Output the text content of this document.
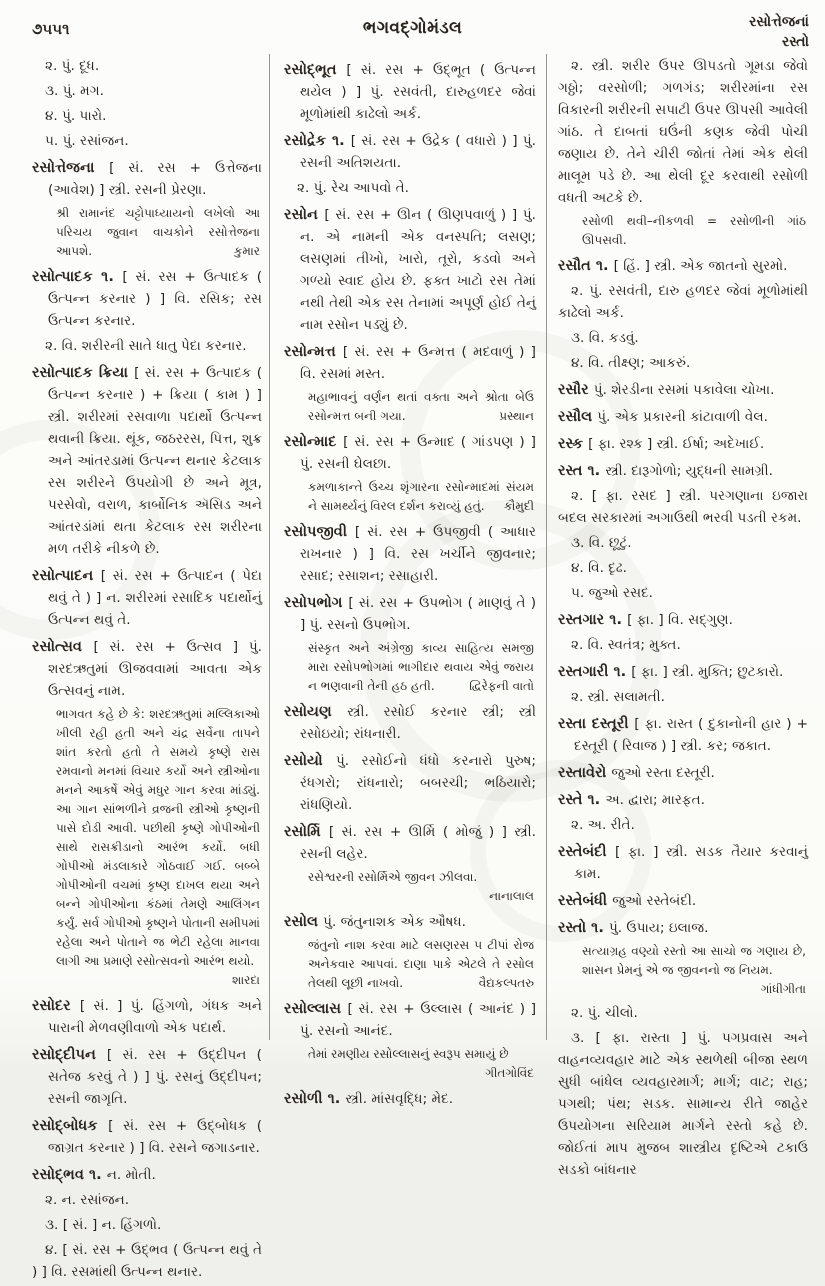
૭૫૫૧	ભગવદ્ગોમંડલ	રસોત્તેજનાં
રસ્તો

૨. પું. દૂધ.

૩. પું. મગ.

૪. પું. પારો.

૫. પું. રસાંજન.

રસોત્તેજના [ સં. રસ + ઉત્તેજના (આવેશ) ] સ્ત્રી. રસની પ્રેરણા.

શ્રી રામાનંદ ચટ્ટોપાધ્યાયનો લખેલો આ પરિચય જુવાન વાચકોને રસોત્તેજના આપશે.	કુમાર

રસોત્પાદક ૧. [ સં. રસ + ઉત્પાદક ( ઉત્પન્ન કરનાર ) ] વિ. રસિક; રસ ઉત્પન્ન કરનાર.

૨. વિ. શરીરની સાતે ધાતુ પેદા કરનાર.

રસોત્પાદક ક્રિયા [ સં. રસ + ઉત્પાદક ( ઉત્પન્ન કરનાર ) + ક્રિયા ( કામ ) ] સ્ત્રી. શરીરમાં રસવાળા પદાર્થો ઉત્પન્ન થવાની ક્રિયા. થૂંક, જઠરરસ, પિત્ત, શુક્ર અને આંતરડામાં ઉત્પન્ન થનાર કેટલાક રસ શરીરને ઉપયોગી છે અને મૂત્ર, પરસેવો, વરાળ, કાર્બોનિક ઍસિડ અને આંતરડાંમાં થતા કેટલાક રસ શરીરના મળ તરીકે નીકળે છે.

રસોત્પાદન [ સં. રસ + ઉત્પાદન ( પેદા થવું તે ) ] ન. શરીરમાં રસાદિક પદાર્થોનું ઉત્પન્ન થવું તે.

રસોત્સવ [ સં. રસ + ઉત્સવ ] પું. શરદઋતુમાં ઊજવવામાં આવતા એક ઉત્સવનું નામ.

ભાગવત કહે છે કે: શરદઋતુમાં મલ્લિકાઓ ખીલી રહી હતી અને ચંદ્ર સર્વેના તાપને શાંત કરતો હતો તે સમયે કૃષ્ણે રાસ રમવાનો મનમાં વિચાર કર્યો અને સ્ત્રીઓના મનને આકર્ષે એવું મધુર ગાન કરવા માંડ્યું. આ ગાન સાંભળીને વ્રજની સ્ત્રીઓ કૃષ્ણની પાસે દોડી આવી. પછીથી કૃષ્ણે ગોપીઓની સાથે રાસક્રીડાનો આરંભ કર્યો. બધી ગોપીઓ મંડલાકારે ગોઠવાઈ ગઈ. બબ્બે ગોપીઓની વચમાં કૃષ્ણ દાખલ થયા અને બન્ને ગોપીઓના કંઠમાં તેમણે આલિંગન કર્યું. સર્વ ગોપીઓ કૃષ્ણને પોતાની સમીપમાં રહેલા અને પોતાને જ ભેટી રહેલા માનવા લાગી આ પ્રમાણે રસોત્સવનો આરંભ થયો.
શારદા

રસોદર [ સં. ] પું. હિંગળો, ગંધક અને પારાની મેળવણીવાળો એક પદાર્થ.

રસોદ્દીપન [ સં. રસ + ઉદ્દીપન ( સતેજ કરવું તે ) ] પું. રસનું ઉદ્દીપન; રસની જાગૃતિ.

રસોદ્બોધક [ સં. રસ + ઉદ્બોધક ( જાગ્રત કરનાર ) ] વિ. રસને જગાડનાર.

રસોદ્ભવ ૧. ન. મોતી.

૨. ન. રસાંજન.

૩. [ સં. ] ન. હિંગળો.

૪. [ સં. રસ + ઉદ્ભવ ( ઉત્પન્ન થવું તે ) ] વિ. રસમાંથી ઉત્પન્ન થનાર.

રસોદ્ભૂત [ સં. રસ + ઉદ્ભૂત ( ઉત્પન્ન થયેલ ) ] પું. રસવંતી, દારુહળદર જેવાં મૂળોમાંથી કાઢેલો અર્ક.

રસોદ્રેક ૧. [ સં. રસ + ઉદ્રેક ( વધારો ) ] પું. રસની અતિશયતા.

૨. પું. રેચ આપવો તે.

રસોન [ સં. રસ + ઊન ( ઊણપવાળું ) ] પું. ન. એ નામની એક વનસ્પતિ; લસણ; લસણમાં તીખો, ખારો, તૂરો, કડવો અને ગળ્યો સ્વાદ હોય છે. ફક્ત ખાટો રસ તેમાં નથી તેથી એક રસ તેનામાં અપૂર્ણ હોઈ તેનું નામ રસોન પડ્યું છે.

રસોન્મત્ત [ સં. રસ + ઉન્મત્ત ( મદવાળું ) ] વિ. રસમાં મસ્ત.

મહાભાવનું વર્ણન થતાં વક્તા અને શ્રોતા બેઉ રસોન્મત્ત બની ગયા.	પ્રસ્થાન

રસોન્માદ [ સં. રસ + ઉન્માદ ( ગાંડપણ ) ] પું. રસની ઘેલછા.

કમળાકાન્તે ઉચ્ચ શૃંગારના રસોન્માદમાં સંયમ ને સામર્થ્યનું વિરલ દર્શન કરાવ્યું હતું. કૌમુદી

રસોપજીવી [ સં. રસ + ઉપજીવી ( આધાર રાખનાર ) ] વિ. રસ ખર્ચીને જીવનાર; રસાદ; રસાશન; રસાહારી.

રસોપભોગ [ સં. રસ + ઉપભોગ ( માણવું તે ) ] પું. રસનો ઉપભોગ.

સંસ્કૃત અને અંગ્રેજી કાવ્ય સાહિત્ય સમજી મારા રસોપભોગમાં ભાગીદાર થવાય એવું જરાય ન ભણવાની તેની હઠ હતી.	દ્વિરેફની વાતો

રસોયણ સ્ત્રી. રસોઈ કરનાર સ્ત્રી; સ્ત્રી રસોઇયો; રાંધનારી.

રસોયો પું. રસોઈનો ધંધો કરનારો પુરુષ; રંધગરો; રાંધનારો; બબરચી; ભઠિયારો; રાંધણિયો.

રસોર્મિ [ સં. રસ + ઊર્મિ ( મોજું ) ] સ્ત્રી. રસની લહેર.

રસેશ્વરની રસોર્મિએ જીવન ઝીલવા.
નાનાલાલ

રસોલ પું. જંતુનાશક એક ઔષધ.

જંતુનો નાશ કરવા માટે લસણરસ ૫ ટીપાં રોજ અનેકવાર આપવાં. દાણા પાકે એટલે તે રસોલ તેલથી લૂછી નાખવો.	વૈદ્યકલ્પતરુ

રસોલ્લાસ [ સં. રસ + ઉલ્લાસ ( આનંદ ) ] પું. રસનો આનંદ.

તેમાં રમણીય રસોલ્લાસનું સ્વરૂપ સમાયું છે
ગીતગોવિંદ

રસોળી ૧. સ્ત્રી. માંસવૃદ્ધિ; મેદ.

૨. સ્ત્રી. શરીર ઉપર ઊપડતો ગૂમડા જેવો ગઠ્ઠો; વરસોળી; ગળગંડ; શરીરમાંના રસ વિકારની શરીરની સપાટી ઉપર ઊપસી આવેલી ગાંઠ. તે દાબતાં ઘઉંની કણક જેવી પોચી જણાય છે. તેને ચીરી જોતાં તેમાં એક થેલી માલૂમ પડે છે. આ થેલી દૂર કરવાથી રસોળી વધતી અટકે છે.

રસોળી થવી–નીકળવી = રસોળીની ગાંઠ ઊપસવી.

રસૌત ૧. [ હિં. ] સ્ત્રી. એક જાતનો સુરમો.

૨. પું. રસવંતી, દારુ હળદર જેવાં મૂળોમાંથી કાઢેલો અર્ક.

૩. વિ. કડવું.

૪. વિ. તીક્ષ્ણ; આકરું.

રસૌર પું. શેરડીના રસમાં પકાવેલા ચોખા.

રસૌલ પું. એક પ્રકારની કાંટાવાળી વેલ.

રસ્ક [ ફા. રશ્ક ] સ્ત્રી. ઈર્ષા; અદેખાઈ.

રસ્ત ૧. સ્ત્રી. દારૂગોળો; યુદ્ધની સામગ્રી.

૨. [ ફા. રસદ ] સ્ત્રી. પરગણાના ઇજારા બદલ સરકારમાં અગાઉથી ભરવી પડતી રકમ.

૩. વિ. છૂટું.

૪. વિ. દૃઢ.

૫. જુઓ રસદ.

રસ્તગાર ૧. [ ફા. ] વિ. સદ્ગુણ.

૨. વિ. સ્વતંત્ર; મુક્ત.

રસ્તગારી ૧. [ ફા. ] સ્ત્રી. મુક્તિ; છુટકારો.

૨. સ્ત્રી. સલામતી.

રસ્તા દસ્તૂરી [ ફા. રાસ્ત ( દુકાનોની હાર ) + દસ્તૂરી ( રિવાજ ) ] સ્ત્રી. કર; જકાત.

રસ્તાવેરો જુઓ રસ્તા દસ્તૂરી.

રસ્તે ૧. અ. દ્વારા; મારફત.

૨. અ. રીતે.

રસ્તેબંદી [ ફા. ] સ્ત્રી. સડક તૈયાર કરવાનું કામ.

રસ્તેબંધી જુઓ રસ્તેબંદી.

રસ્તો ૧. પું. ઉપાય; ઇલાજ.

સત્યાગ્રહ વણ્યો રસ્તો આ સાચો જ ગણાય છે, શાસન પ્રેમનું એ જ જીવનનો જ નિયમ.
ગાંધીગીતા

૨. પું. ચીલો.

૩. [ ફા. રાસ્તા ] પું. પગપ્રવાસ અને વાહનવ્યવહાર માટે એક સ્થળેથી બીજા સ્થળ સુધી બાંધેલ વ્યવહારમાર્ગ; માર્ગ; વાટ; રાહ; પગથી; પંથ; સડક. સામાન્ય રીતે જાહેર ઉપયોગના સરિયામ માર્ગને રસ્તો કહે છે. જોઈતાં માપ મુજબ શાસ્ત્રીય દૃષ્ટિએ ટકાઉ સડકો બાંધનાર
